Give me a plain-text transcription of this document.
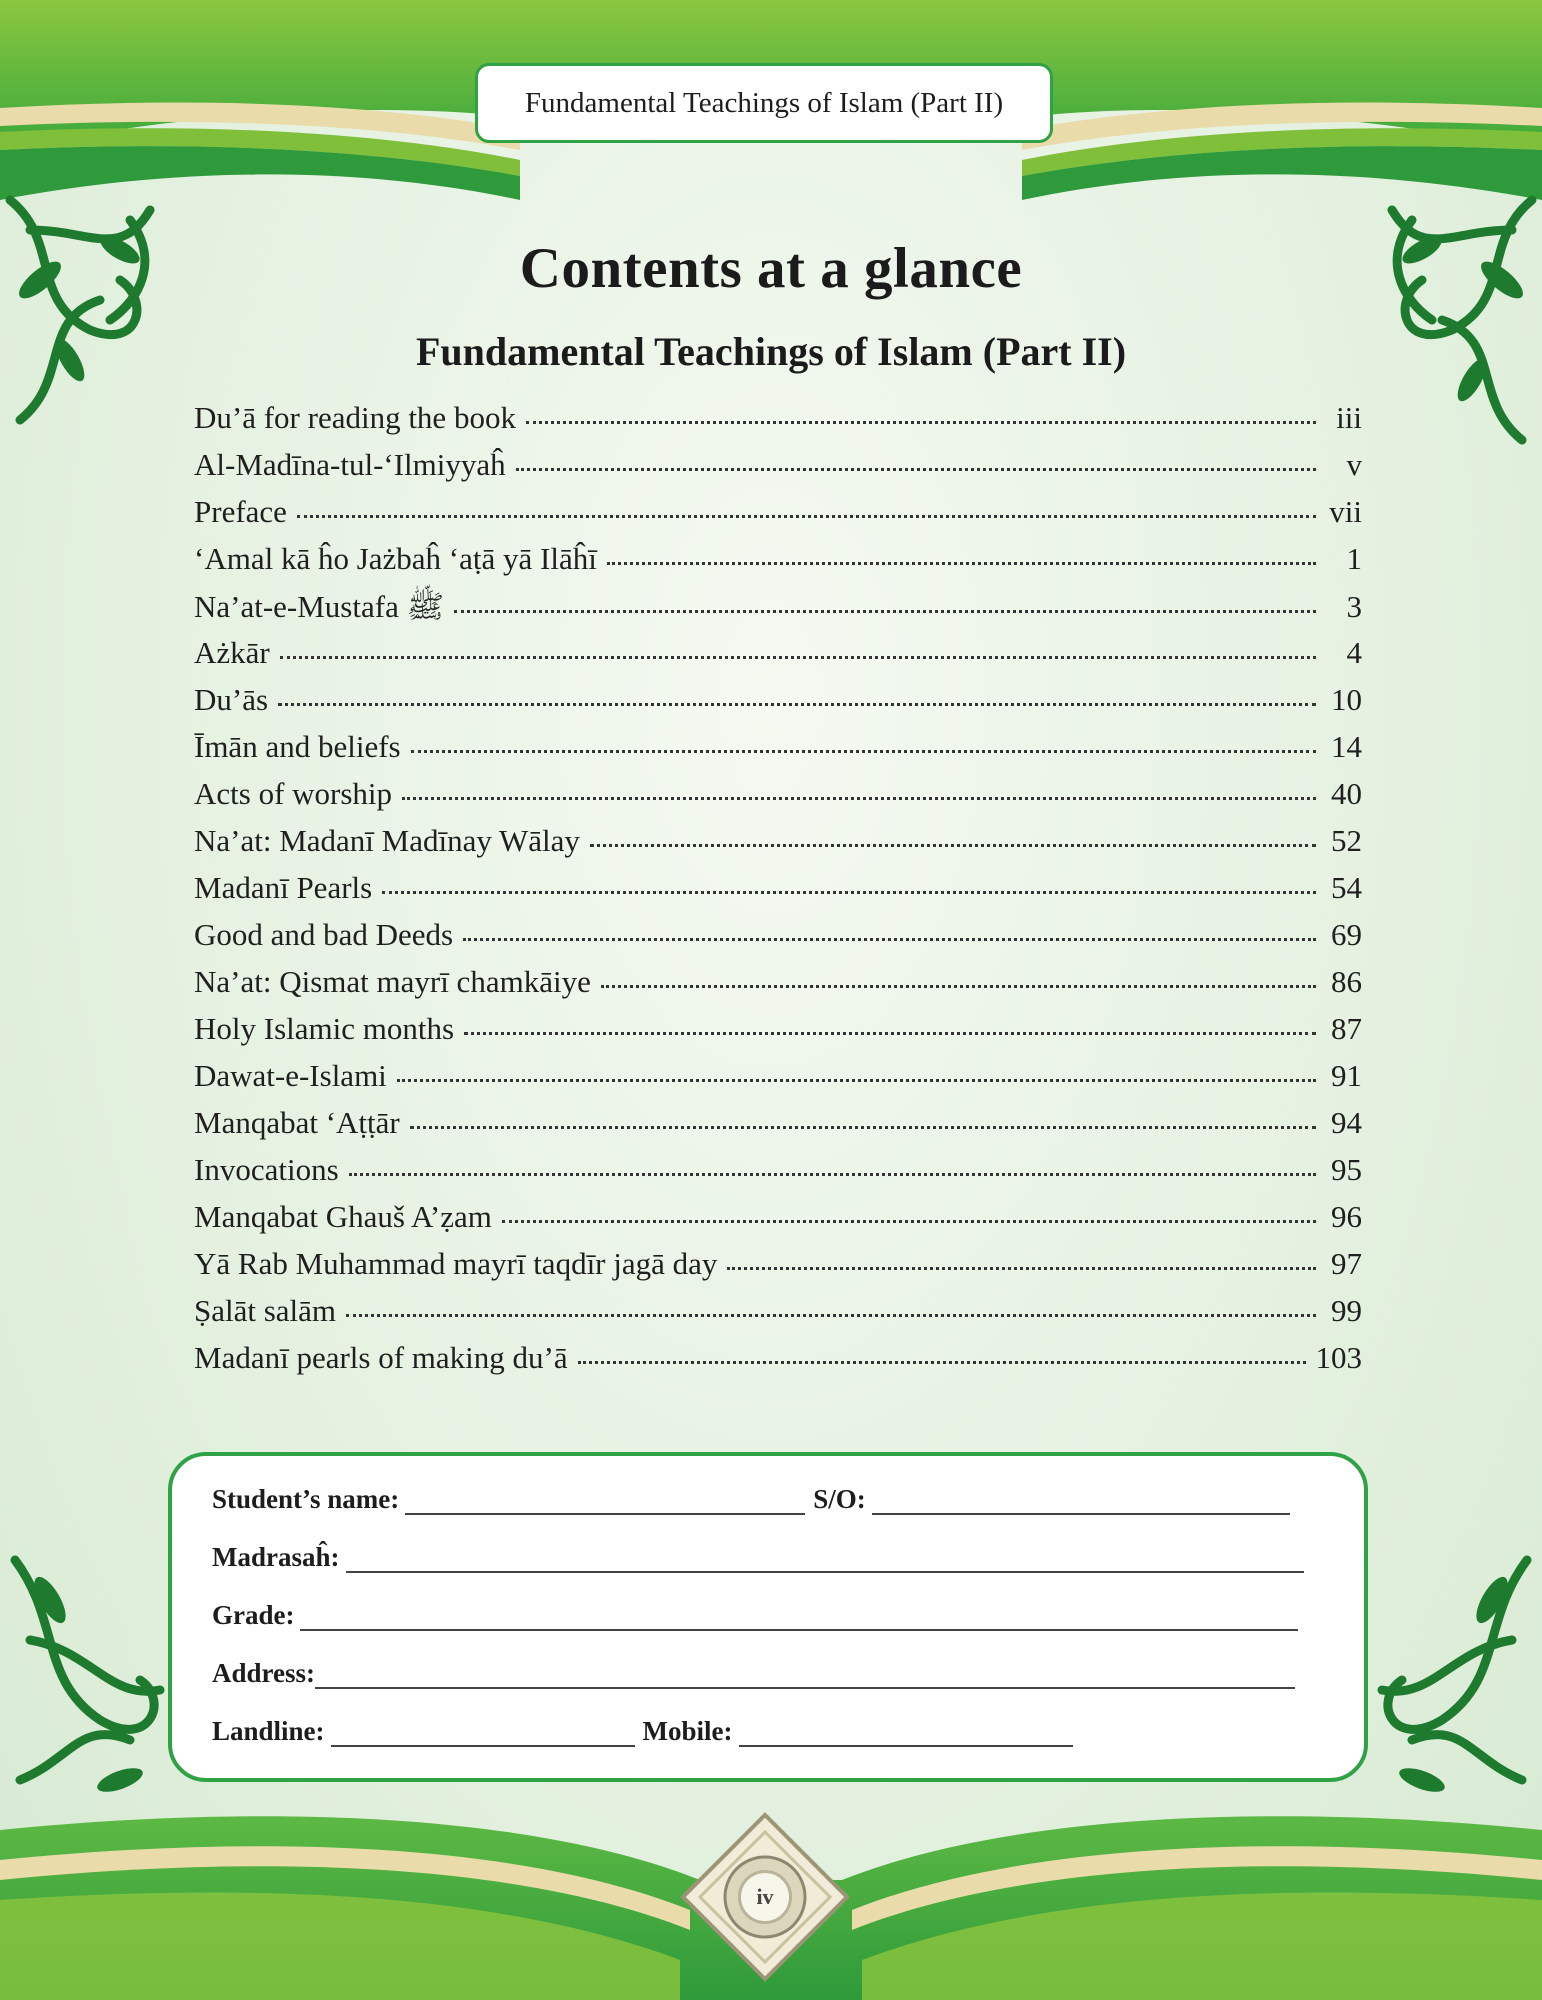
Fundamental Teachings of Islam (Part II)
Contents at a glance
Fundamental Teachings of Islam (Part II)
Du’ā for reading the book	iii
Al-Madīna-tul-‘Ilmiyyaĥ	v
Preface	vii
‘Amal kā ĥo Jażbaĥ ‘aṭā yā Ilāĥī	1
Na’at-e-Mustafa ﷺ	3
Ażkār	4
Du’ās	10
Īmān and beliefs	14
Acts of worship	40
Na’at: Madanī Madīnay Wālay	52
Madanī Pearls	54
Good and bad Deeds	69
Na’at: Qismat mayrī chamkāiye	86
Holy Islamic months	87
Dawat-e-Islami	91
Manqabat ‘Aṭṭār	94
Invocations	95
Manqabat Ghauš A’ẓam	96
Yā Rab Muhammad mayrī taqdīr jagā day	97
Ṣalāt salām	99
Madanī pearls of making du’ā	103
Student’s name:	S/O:
Madrasaĥ:
Grade:
Address:
Landline:	Mobile:
iv
